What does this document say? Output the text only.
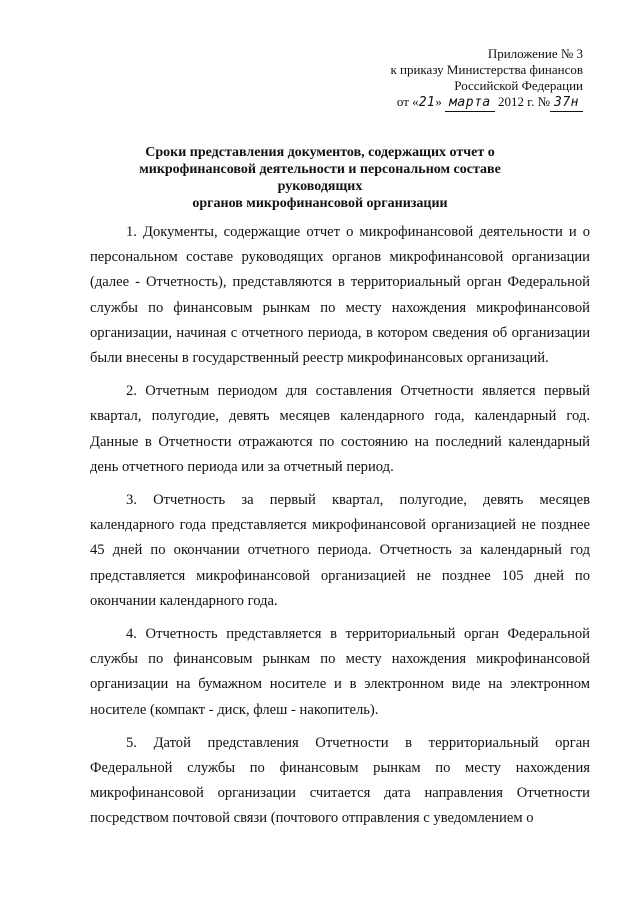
Приложение № 3
к приказу Министерства финансов
Российской Федерации
от «21» марта 2012 г. № 37н
Сроки представления документов, содержащих отчет о
микрофинансовой деятельности и персональном составе руководящих
органов микрофинансовой организации

1. Документы, содержащие отчет о микрофинансовой деятельности и о персональном составе руководящих органов микрофинансовой организации (далее - Отчетность), представляются в территориальный орган Федеральной службы по финансовым рынкам по месту нахождения микрофинансовой организации, начиная с отчетного периода, в котором сведения об организации были внесены в государственный реестр микрофинансовых организаций.

2. Отчетным периодом для составления Отчетности является первый квартал, полугодие, девять месяцев календарного года, календарный год. Данные в Отчетности отражаются по состоянию на последний календарный день отчетного периода или за отчетный период.

3. Отчетность за первый квартал, полугодие, девять месяцев календарного года представляется микрофинансовой организацией не позднее 45 дней по окончании отчетного периода. Отчетность за календарный год представляется микрофинансовой организацией не позднее 105 дней по окончании календарного года.

4. Отчетность представляется в территориальный орган Федеральной службы по финансовым рынкам по месту нахождения микрофинансовой организации на бумажном носителе и в электронном виде на электронном носителе (компакт - диск, флеш - накопитель).

5. Датой представления Отчетности в территориальный орган Федеральной службы по финансовым рынкам по месту нахождения микрофинансовой организации считается дата направления Отчетности посредством почтовой связи (почтового отправления с уведомлением о
